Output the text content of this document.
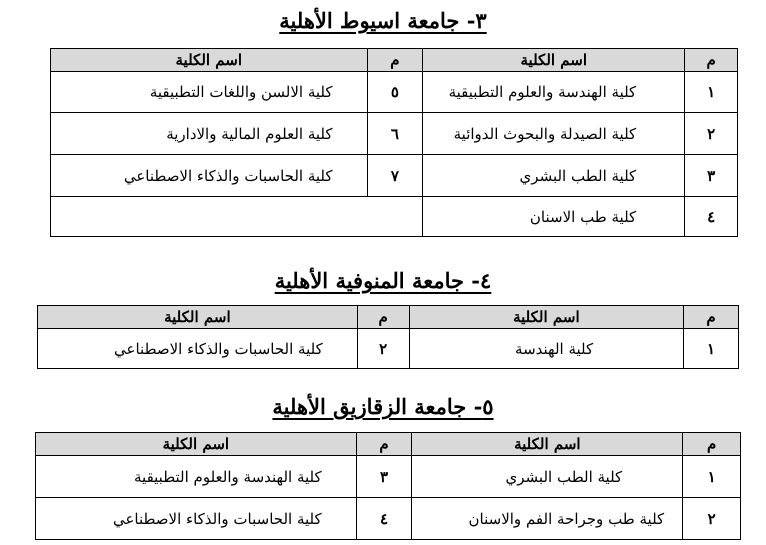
٣- جامعة اسيوط الأهلية
م	اسم الكلية	م	اسم الكلية
١	كلية الهندسة والعلوم التطبيقية	٥	كلية الالسن واللغات التطبيقية
٢	كلية الصيدلة والبحوث الدوائية	٦	كلية العلوم المالية والادارية
٣	كلية الطب البشري	٧	كلية الحاسبات والذكاء الاصطناعي
٤	كلية طب الاسنان		
٤- جامعة المنوفية الأهلية
م	اسم الكلية	م	اسم الكلية
١	كلية الهندسة	٢	كلية الحاسبات والذكاء الاصطناعي
٥- جامعة الزقازيق الأهلية
م	اسم الكلية	م	اسم الكلية
١	كلية الطب البشري	٣	كلية الهندسة والعلوم التطبيقية
٢	كلية طب وجراحة الفم والاسنان	٤	كلية الحاسبات والذكاء الاصطناعي
